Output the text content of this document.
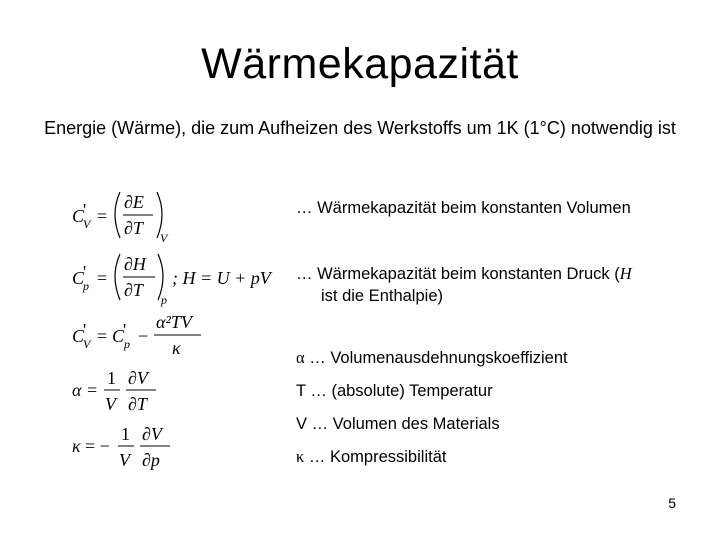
Wärmekapazität
Energie (Wärme), die zum Aufheizen des Werkstoffs um 1K (1°C) notwendig ist
C
'
V =
∂E
∂T V
C
'
p =
∂H
∂T p
; H = U + pV
C
'
V = C
'
p −
α²TV
κ
α =
1
V
∂V
∂T
κ = −
1
V
∂V
∂p
… Wärmekapazität beim konstanten Volumen
… Wärmekapazität beim konstanten Druck (H
ist die Enthalpie)
α … Volumenausdehnungskoeffizient
T … (absolute) Temperatur
V … Volumen des Materials
κ … Kompressibilität
5
